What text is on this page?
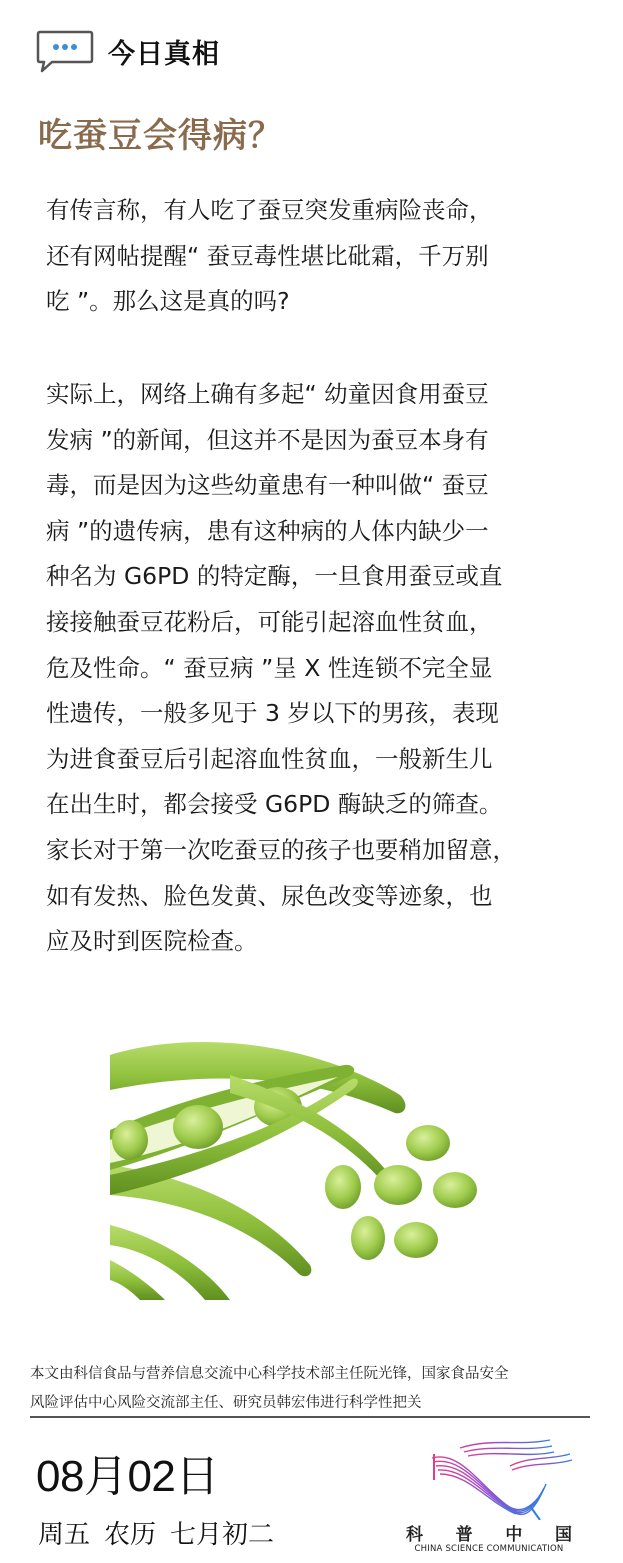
今日真相
吃蚕豆会得病？
有传言称，有人吃了蚕豆突发重病险丧命，
还有网帖提醒“ 蚕豆毒性堪比砒霜，千万别
吃 ”。那么这是真的吗?
实际上，网络上确有多起“ 幼童因食用蚕豆
发病 ”的新闻，但这并不是因为蚕豆本身有
毒，而是因为这些幼童患有一种叫做“ 蚕豆
病 ”的遗传病，患有这种病的人体内缺少一
种名为 G6PD 的特定酶，一旦食用蚕豆或直
接接触蚕豆花粉后，可能引起溶血性贫血，
危及性命。“ 蚕豆病 ”呈 X 性连锁不完全显
性遗传，一般多见于 3 岁以下的男孩，表现
为进食蚕豆后引起溶血性贫血，一般新生儿
在出生时，都会接受 G6PD 酶缺乏的筛查。
家长对于第一次吃蚕豆的孩子也要稍加留意，
如有发热、脸色发黄、尿色改变等迹象，也
应及时到医院检查。
本文由科信食品与营养信息交流中心科学技术部主任阮光锋，国家食品安全
风险评估中心风险交流部主任、研究员韩宏伟进行科学性把关
08月02日
周五 农历 七月初二	科 普 中 国
CHINA SCIENCE COMMUNICATION
